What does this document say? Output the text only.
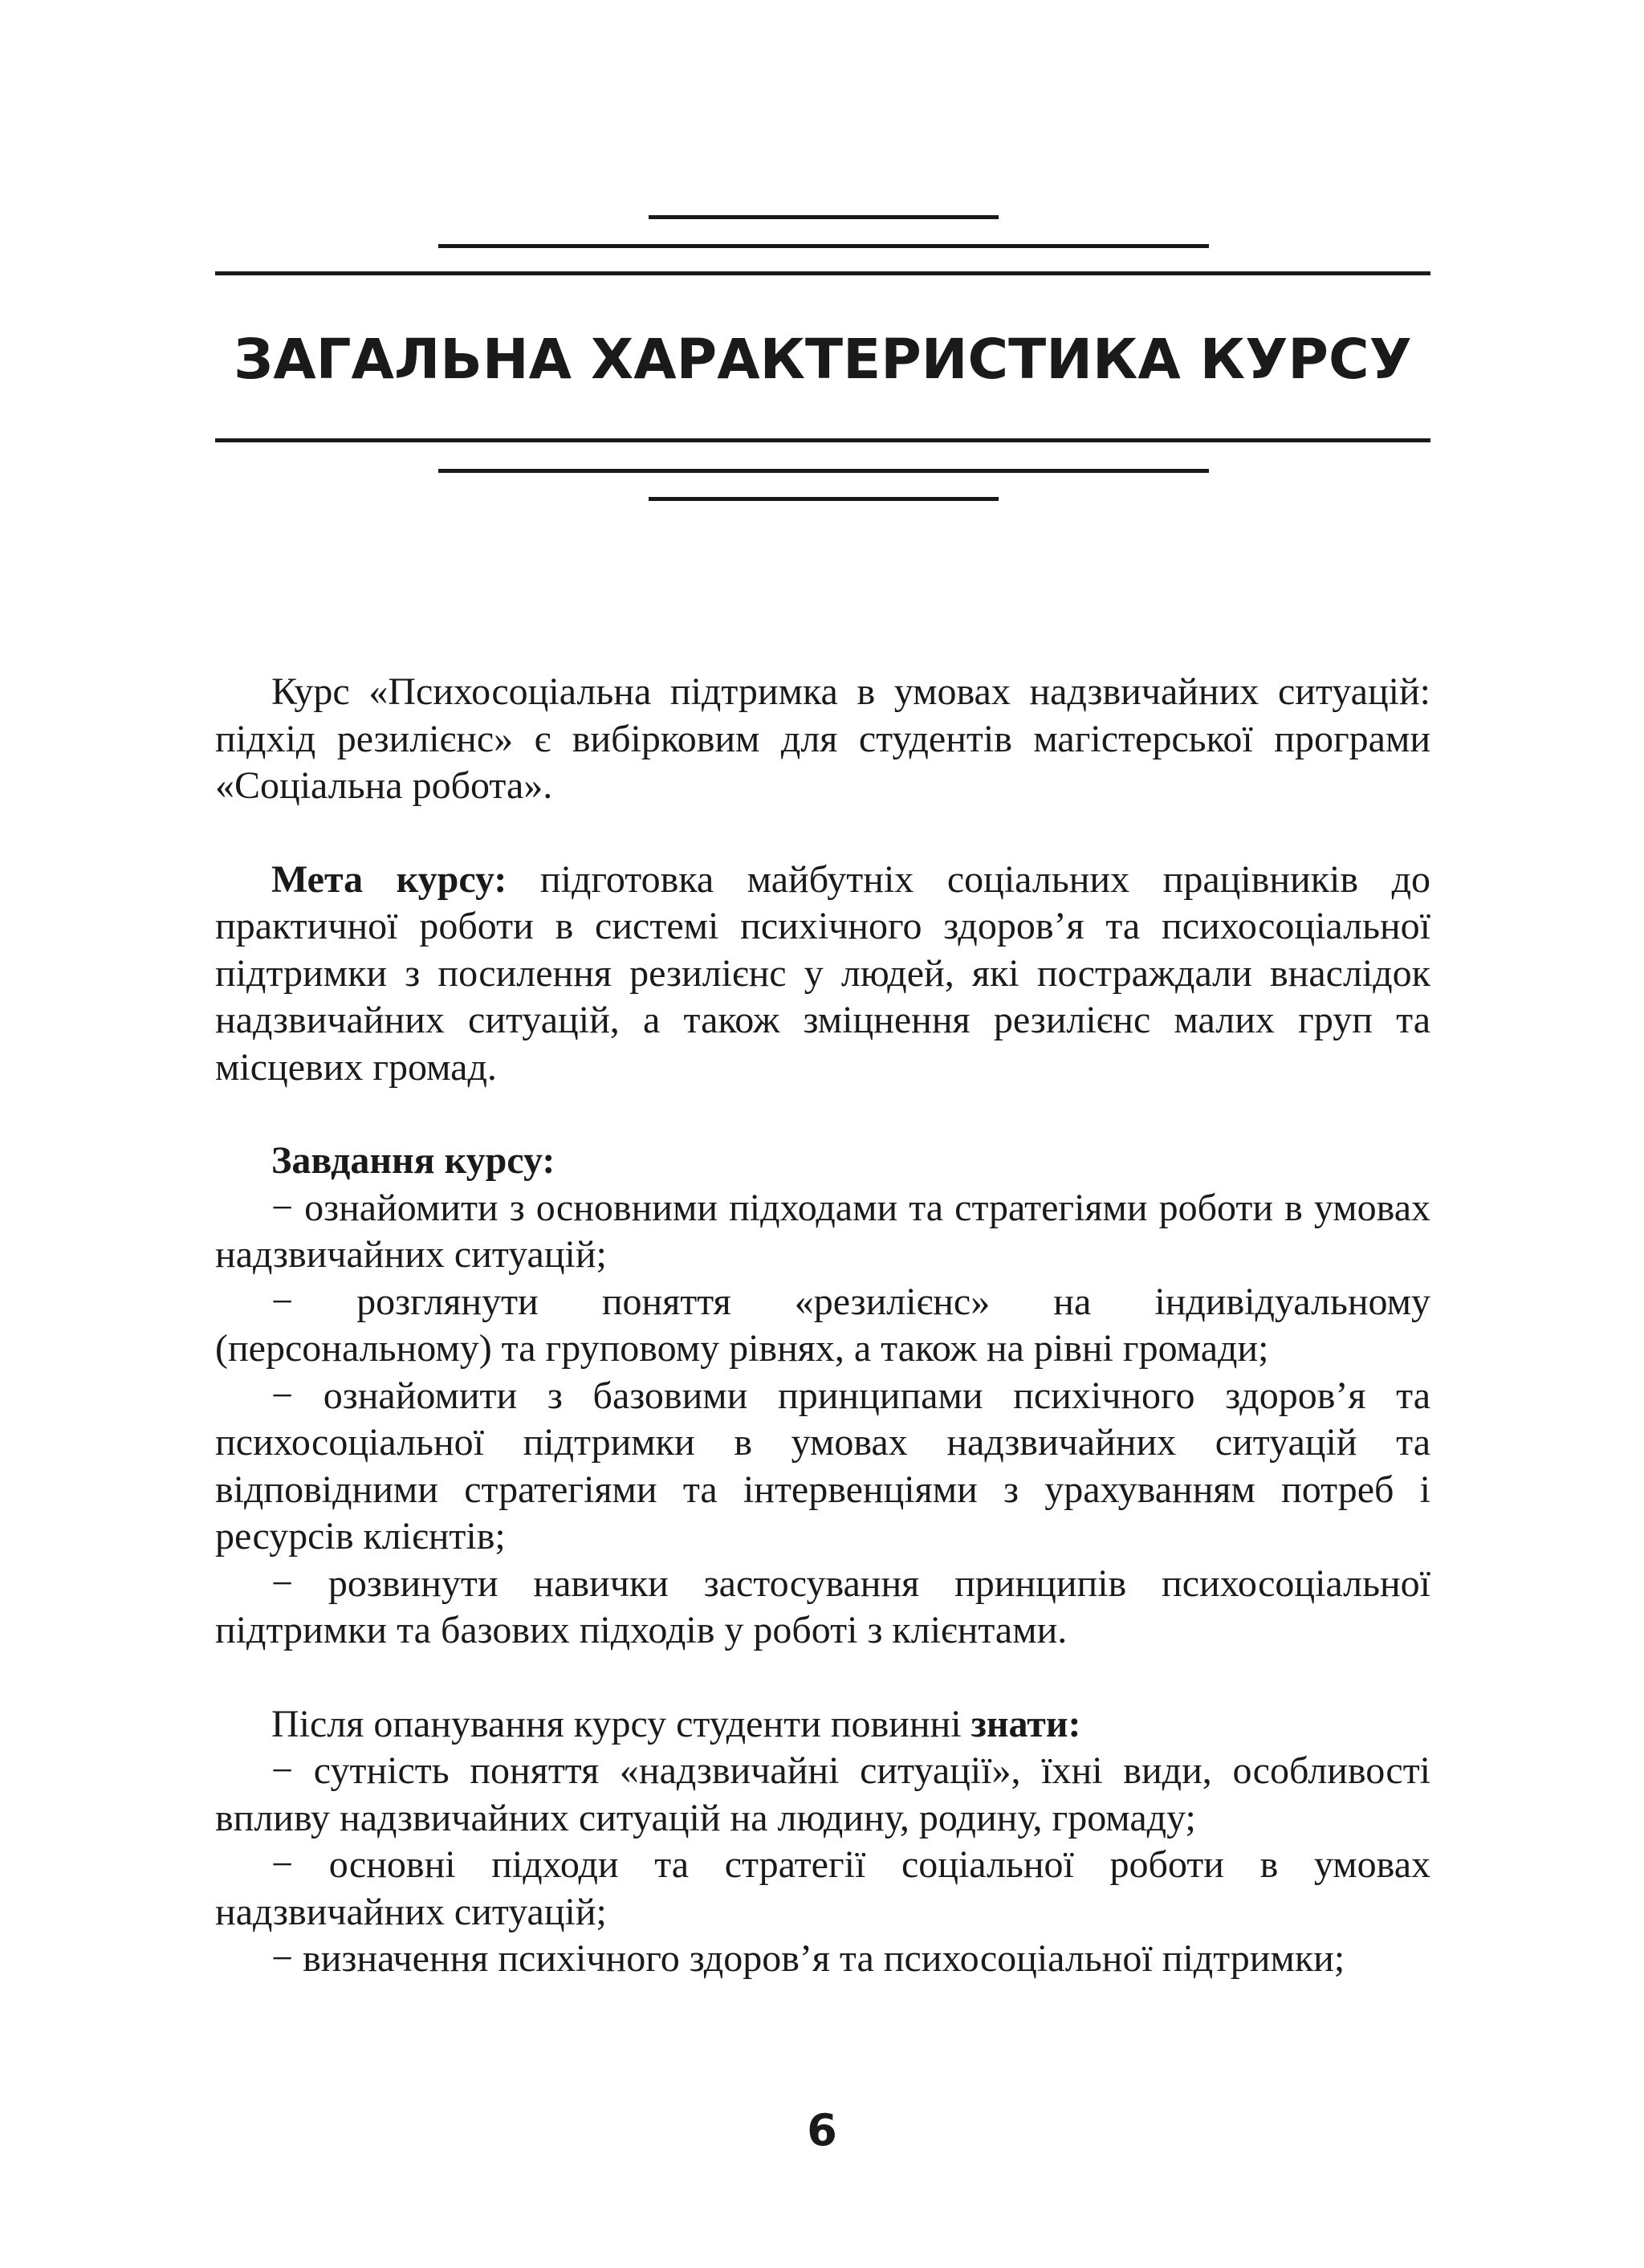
ЗАГАЛЬНА ХАРАКТЕРИСТИКА КУРСУ

Курс «Психосоціальна підтримка в умовах надзвичайних ситуацій: підхід резилієнс» є вибірковим для студентів магістерської програми «Соціальна робота».

Мета курсу: підготовка майбутніх соціальних працівників до практичної роботи в системі психічного здоров’я та психосоціальної підтримки з посилення резилієнс у людей, які постраждали внаслідок надзвичайних ситуацій, а також зміцнення резилієнс малих груп та місцевих громад.

Завдання курсу:

− ознайомити з основними підходами та стратегіями роботи в умовах надзвичайних ситуацій;

− розглянути поняття «резилієнс» на індивідуальному (персональному) та груповому рівнях, а також на рівні громади;

− ознайомити з базовими принципами психічного здоров’я та психосоціальної підтримки в умовах надзвичайних ситуацій та відповідними стратегіями та інтервенціями з урахуванням потреб і ресурсів клієнтів;

− розвинути навички застосування принципів психосоціальної підтримки та базових підходів у роботі з клієнтами.

Після опанування курсу студенти повинні знати:

− сутність поняття «надзвичайні ситуації», їхні види, особливості впливу надзвичайних ситуацій на людину, родину, громаду;

− основні підходи та стратегії соціальної роботи в умовах надзвичайних ситуацій;

− визначення психічного здоров’я та психосоціальної підтримки;

6
